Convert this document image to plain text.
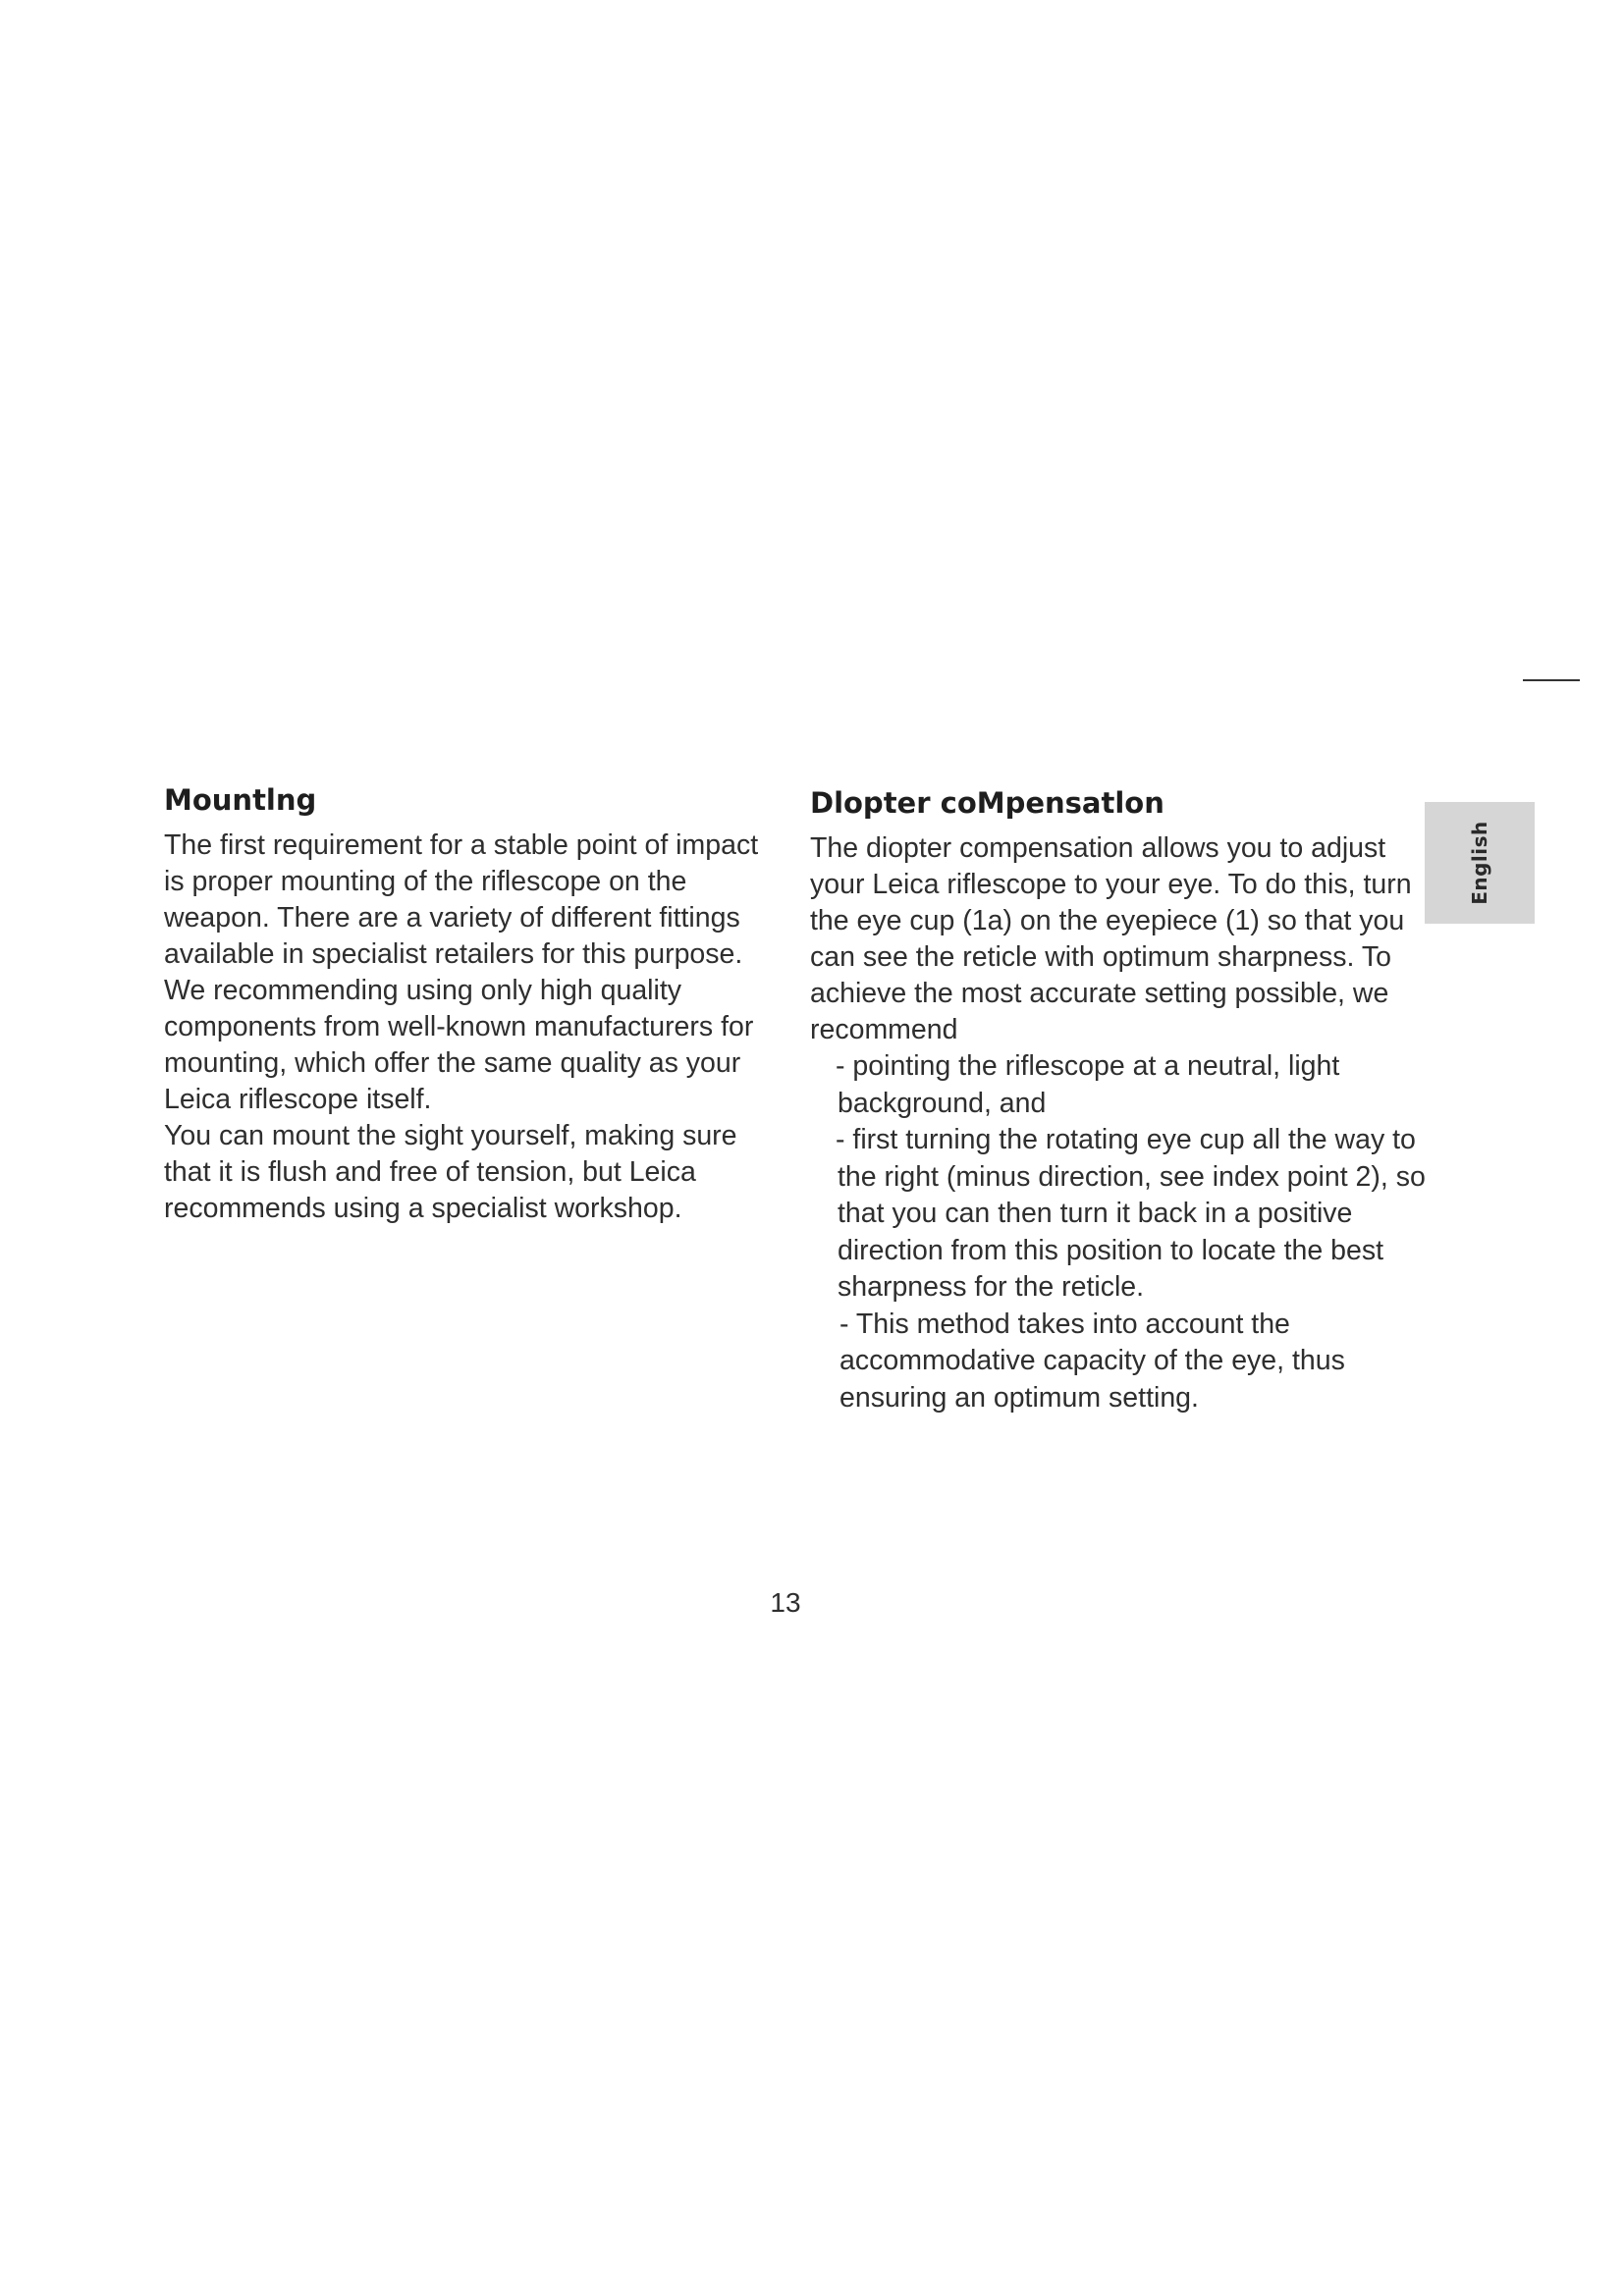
English
Mountlng

The first requirement for a stable point of impact is proper mounting of the riflescope on the weapon. There are a variety of different fittings available in specialist retailers for this purpose.

We recommending using only high quality components from well-known manufacturers for mounting, which offer the same quality as your Leica riflescope itself.

You can mount the sight yourself, making sure that it is flush and free of tension, but Leica recommends using a specialist workshop.

Dlopter coMpensatlon

The diopter compensation allows you to adjust your Leica riflescope to your eye. To do this, turn the eye cup (1a) on the eyepiece (1) so that you can see the reticle with optimum sharpness. To achieve the most accurate setting possible, we recommend

- pointing the riflescope at a neutral, light background, and
- first turning the rotating eye cup all the way to the right (minus direction, see index point 2), so that you can then turn it back in a positive direction from this position to locate the best sharpness for the reticle.

- This method takes into account the accommodative capacity of the eye, thus ensuring an optimum setting.

13
